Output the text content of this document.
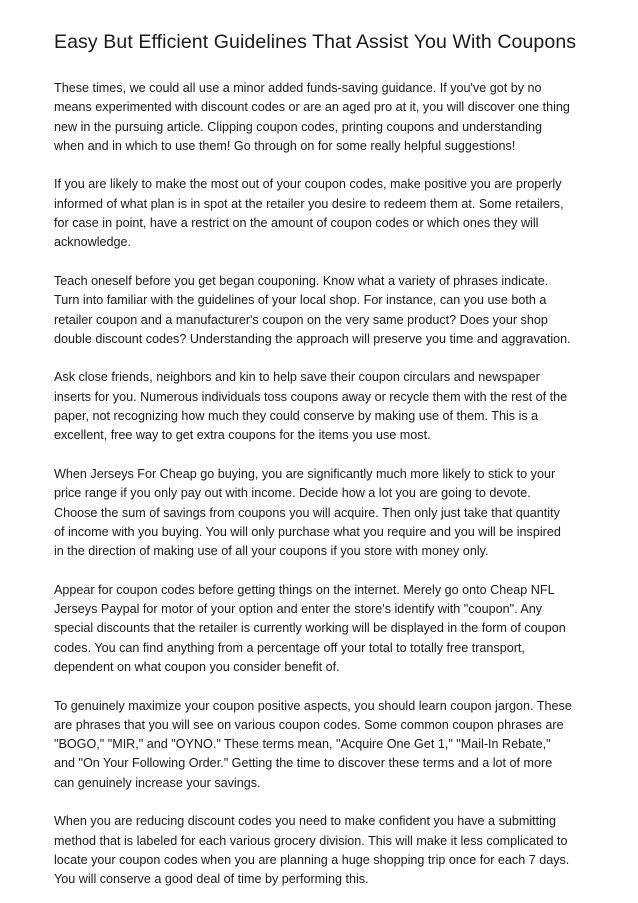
Easy But Efficient Guidelines That Assist You With Coupons

These times, we could all use a minor added funds-saving guidance. If you've got by no
means experimented with discount codes or are an aged pro at it, you will discover one thing
new in the pursuing article. Clipping coupon codes, printing coupons and understanding
when and in which to use them! Go through on for some really helpful suggestions!

If you are likely to make the most out of your coupon codes, make positive you are properly
informed of what plan is in spot at the retailer you desire to redeem them at. Some retailers,
for case in point, have a restrict on the amount of coupon codes or which ones they will
acknowledge.

Teach oneself before you get began couponing. Know what a variety of phrases indicate.
Turn into familiar with the guidelines of your local shop. For instance, can you use both a
retailer coupon and a manufacturer's coupon on the very same product? Does your shop
double discount codes? Understanding the approach will preserve you time and aggravation.

Ask close friends, neighbors and kin to help save their coupon circulars and newspaper
inserts for you. Numerous individuals toss coupons away or recycle them with the rest of the
paper, not recognizing how much they could conserve by making use of them. This is a
excellent, free way to get extra coupons for the items you use most.

When Jerseys For Cheap go buying, you are significantly much more likely to stick to your
price range if you only pay out with income. Decide how a lot you are going to devote.
Choose the sum of savings from coupons you will acquire. Then only just take that quantity
of income with you buying. You will only purchase what you require and you will be inspired
in the direction of making use of all your coupons if you store with money only.

Appear for coupon codes before getting things on the internet. Merely go onto Cheap NFL
Jerseys Paypal for motor of your option and enter the store's identify with "coupon". Any
special discounts that the retailer is currently working will be displayed in the form of coupon
codes. You can find anything from a percentage off your total to totally free transport,
dependent on what coupon you consider benefit of.

To genuinely maximize your coupon positive aspects, you should learn coupon jargon. These
are phrases that you will see on various coupon codes. Some common coupon phrases are
"BOGO," "MIR," and "OYNO." These terms mean, "Acquire One Get 1," "Mail-In Rebate,"
and "On Your Following Order." Getting the time to discover these terms and a lot of more
can genuinely increase your savings.

When you are reducing discount codes you need to make confident you have a submitting
method that is labeled for each various grocery division. This will make it less complicated to
locate your coupon codes when you are planning a huge shopping trip once for each 7 days.
You will conserve a good deal of time by performing this.
